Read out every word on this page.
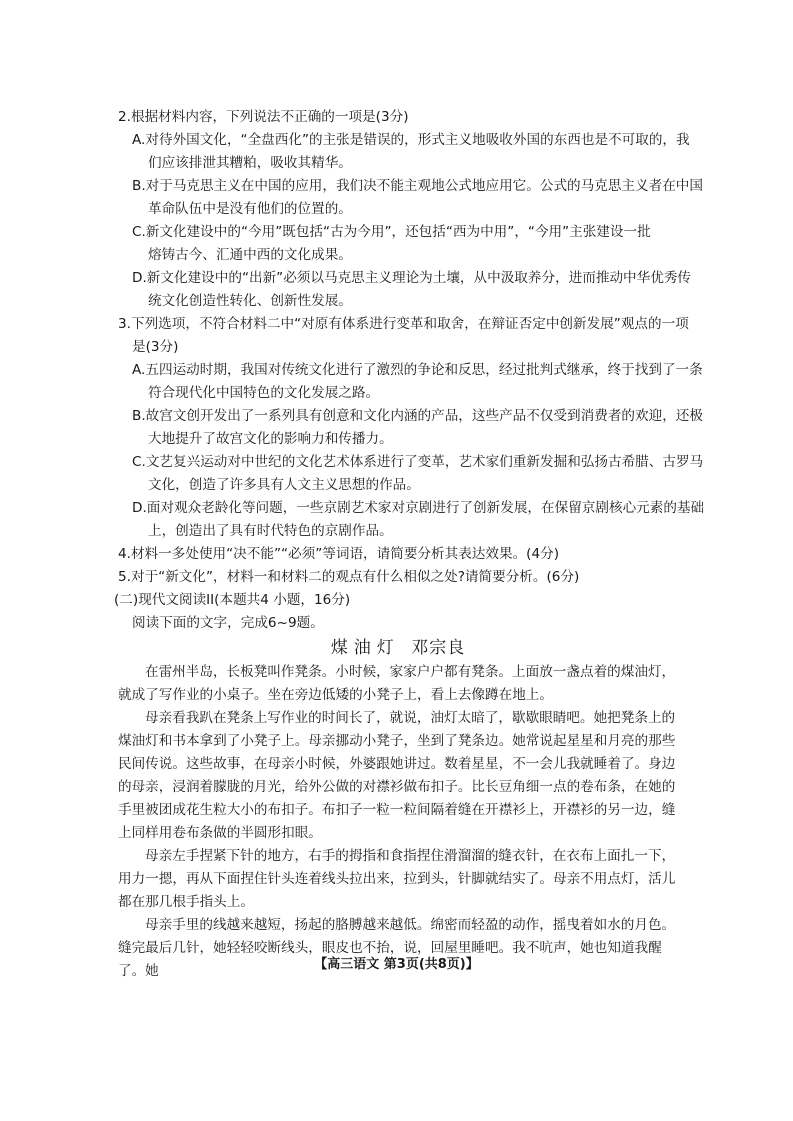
2.根据材料内容，下列说法不正确的一项是(3分)
A.对待外国文化，“全盘西化”的主张是错误的，形式主义地吸收外国的东西也是不可取的，我
们应该排泄其糟粕，吸收其精华。
B.对于马克思主义在中国的应用，我们决不能主观地公式地应用它。公式的马克思主义者在中国
革命队伍中是没有他们的位置的。
C.新文化建设中的“今用”既包括“古为今用”，还包括“西为中用”，“今用”主张建设一批
熔铸古今、汇通中西的文化成果。
D.新文化建设中的“出新”必须以马克思主义理论为土壤，从中汲取养分，进而推动中华优秀传
统文化创造性转化、创新性发展。
3.下列选项，不符合材料二中“对原有体系进行变革和取舍，在辩证否定中创新发展”观点的一项
是(3分)
A.五四运动时期，我国对传统文化进行了激烈的争论和反思，经过批判式继承，终于找到了一条
符合现代化中国特色的文化发展之路。
B.故宫文创开发出了一系列具有创意和文化内涵的产品，这些产品不仅受到消费者的欢迎，还极
大地提升了故宫文化的影响力和传播力。
C.文艺复兴运动对中世纪的文化艺术体系进行了变革，艺术家们重新发掘和弘扬古希腊、古罗马
文化，创造了许多具有人文主义思想的作品。
D.面对观众老龄化等问题，一些京剧艺术家对京剧进行了创新发展，在保留京剧核心元素的基础
上，创造出了具有时代特色的京剧作品。
4.材料一多处使用“决不能”“必须”等词语，请简要分析其表达效果。(4分)
5.对于“新文化”，材料一和材料二的观点有什么相似之处?请简要分析。(6分)
(二)现代文阅读II(本题共4 小题，16分)
阅读下面的文字，完成6~9题。
煤油灯 邓宗良
在雷州半岛，长板凳叫作凳条。小时候，家家户户都有凳条。上面放一盏点着的煤油灯，就成了写作业的小桌子。坐在旁边低矮的小凳子上，看上去像蹲在地上。
母亲看我趴在凳条上写作业的时间长了，就说，油灯太暗了，歇歇眼睛吧。她把凳条上的煤油灯和书本拿到了小凳子上。母亲挪动小凳子，坐到了凳条边。她常说起星星和月亮的那些民间传说。这些故事，在母亲小时候，外婆跟她讲过。数着星星，不一会儿我就睡着了。身边的母亲，浸润着朦胧的月光，给外公做的对襟衫做布扣子。比长豆角细一点的卷布条，在她的手里被团成花生粒大小的布扣子。布扣子一粒一粒间隔着缝在开襟衫上，开襟衫的另一边，缝上同样用卷布条做的半圆形扣眼。
母亲左手捏紧下针的地方，右手的拇指和食指捏住滑溜溜的缝衣针，在衣布上面扎一下，用力一摁，再从下面捏住针头连着线头拉出来，拉到头，针脚就结实了。母亲不用点灯，活儿都在那几根手指头上。
母亲手里的线越来越短，扬起的胳膊越来越低。绵密而轻盈的动作，摇曳着如水的月色。缝完最后几针，她轻轻咬断线头，眼皮也不抬，说，回屋里睡吧。我不吭声，她也知道我醒了。她	【高三语文 第3页(共8页)】
